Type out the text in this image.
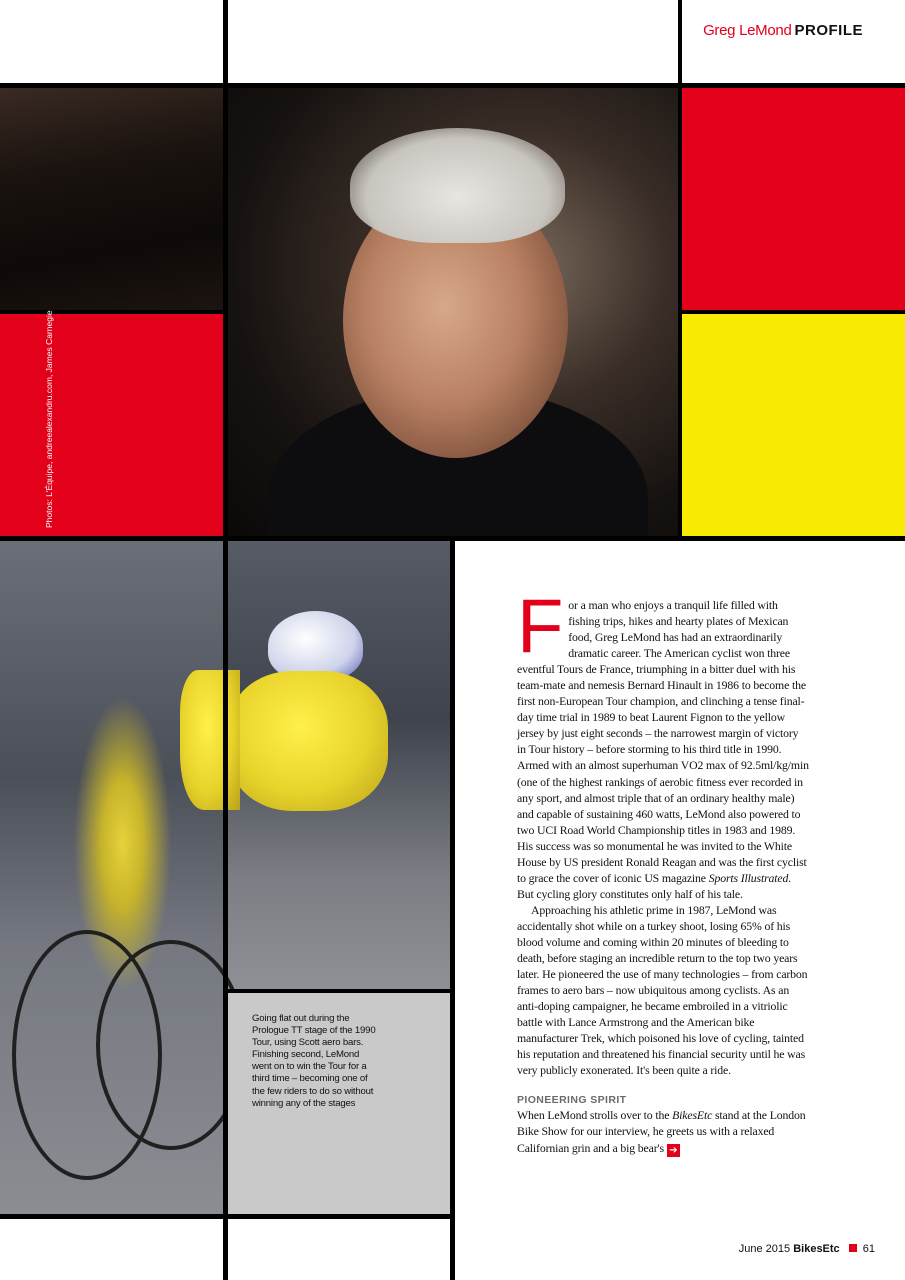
Greg LeMond PROFILE
Photos: L'Équipe, andreealexandru.com, James Carnegie
Going flat out during the Prologue TT stage of the 1990 Tour, using Scott aero bars. Finishing second, LeMond went on to win the Tour for a third time – becoming one of the few riders to do so without winning any of the stages

For a man who enjoys a tranquil life filled with fishing trips, hikes and hearty plates of Mexican food, Greg LeMond has had an extraordinarily dramatic career. The American cyclist won three eventful Tours de France, triumphing in a bitter duel with his team-mate and nemesis Bernard Hinault in 1986 to become the first non-European Tour champion, and clinching a tense final-day time trial in 1989 to beat Laurent Fignon to the yellow jersey by just eight seconds – the narrowest margin of victory in Tour history – before storming to his third title in 1990. Armed with an almost superhuman VO2 max of 92.5ml/kg/min (one of the highest rankings of aerobic fitness ever recorded in any sport, and almost triple that of an ordinary healthy male) and capable of sustaining 460 watts, LeMond also powered to two UCI Road World Championship titles in 1983 and 1989. His success was so monumental he was invited to the White House by US president Ronald Reagan and was the first cyclist to grace the cover of iconic US magazine Sports Illustrated. But cycling glory constitutes only half of his tale.

Approaching his athletic prime in 1987, LeMond was accidentally shot while on a turkey shoot, losing 65% of his blood volume and coming within 20 minutes of bleeding to death, before staging an incredible return to the top two years later. He pioneered the use of many technologies – from carbon frames to aero bars – now ubiquitous among cyclists. As an anti-doping campaigner, he became embroiled in a vitriolic battle with Lance Armstrong and the American bike manufacturer Trek, which poisoned his love of cycling, tainted his reputation and threatened his financial security until he was very publicly exonerated. It's been quite a ride.

PIONEERING SPIRIT

When LeMond strolls over to the BikesEtc stand at the London Bike Show for our interview, he greets us with a relaxed Californian grin and a big bear's ➔

June 2015 BikesEtc 61
